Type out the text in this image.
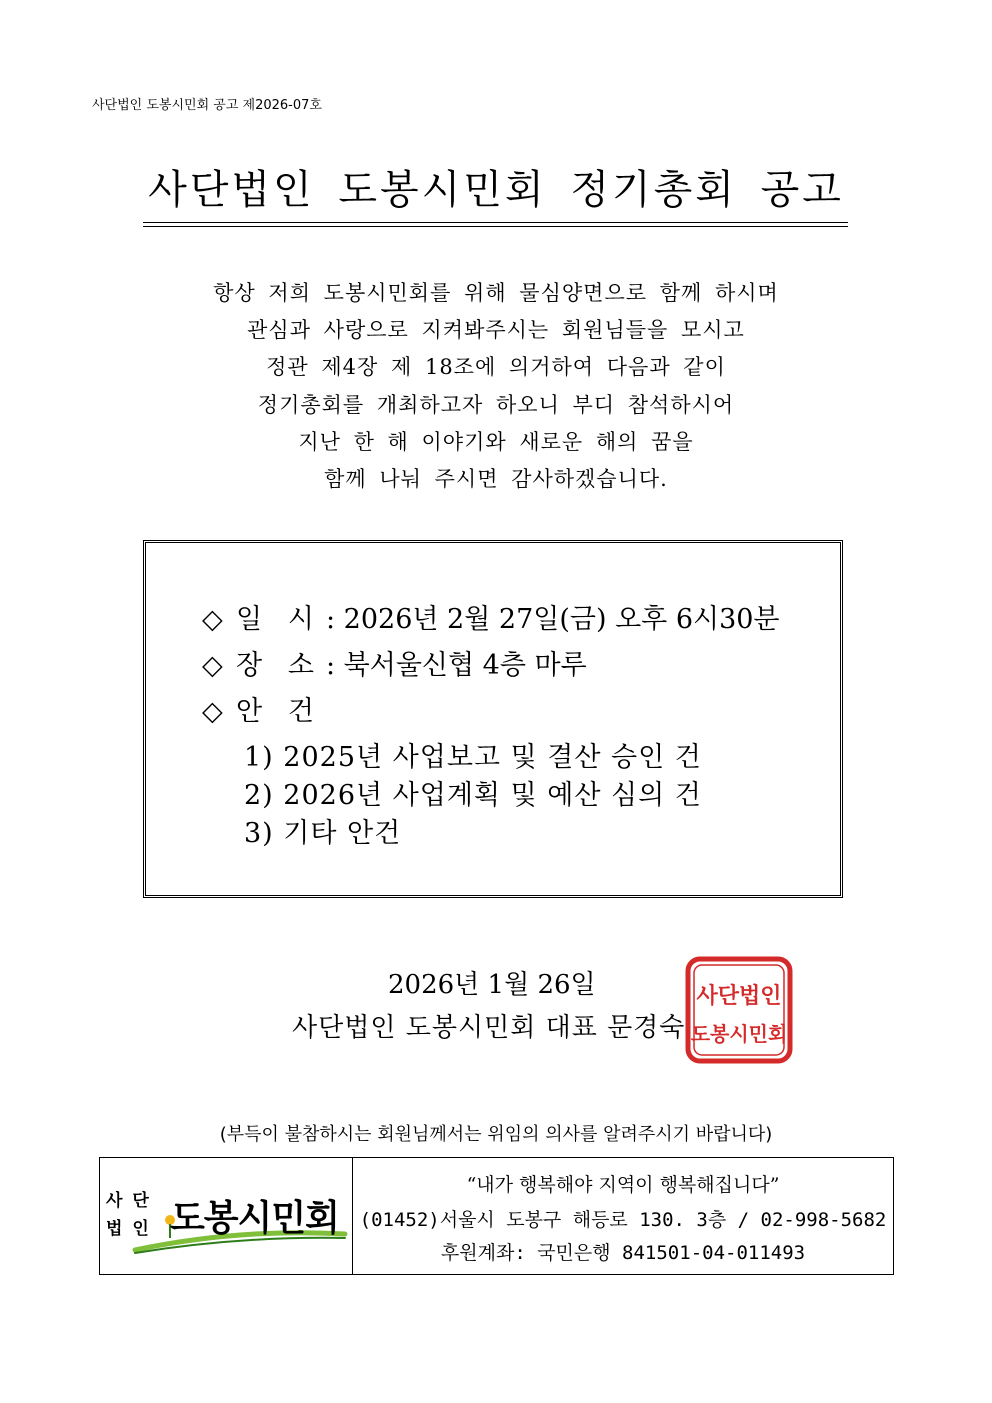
사단법인 도봉시민회 공고 제2026-07호
사단법인 도봉시민회 정기총회 공고
항상 저희 도봉시민회를 위해 물심양면으로 함께 하시며
관심과 사랑으로 지켜봐주시는 회원님들을 모시고
정관 제4장 제 18조에 의거하여 다음과 같이
정기총회를 개최하고자 하오니 부디 참석하시어
지난 한 해 이야기와 새로운 해의 꿈을
함께 나눠 주시면 감사하겠습니다.
◇ 일   시 : 2026년 2월 27일(금) 오후 6시30분
◇ 장   소 : 북서울신협 4층 마루
◇ 안   건
1) 2025년 사업보고 및 결산 승인 건
2) 2026년 사업계획 및 예산 심의 건
3) 기타 안건
2026년 1월 26일
사단법인 도봉시민회 대표 문경숙
사단법인
도봉시민회
(부득이 불참하시는 회원님께서는 위임의 의사를 알려주시기 바랍니다)
사 단
법 인 도봉시민회
“내가 행복해야 지역이 행복해집니다”
(01452)서울시 도봉구 해등로 130. 3층 / 02-998-5682
후원계좌: 국민은행 841501-04-011493
